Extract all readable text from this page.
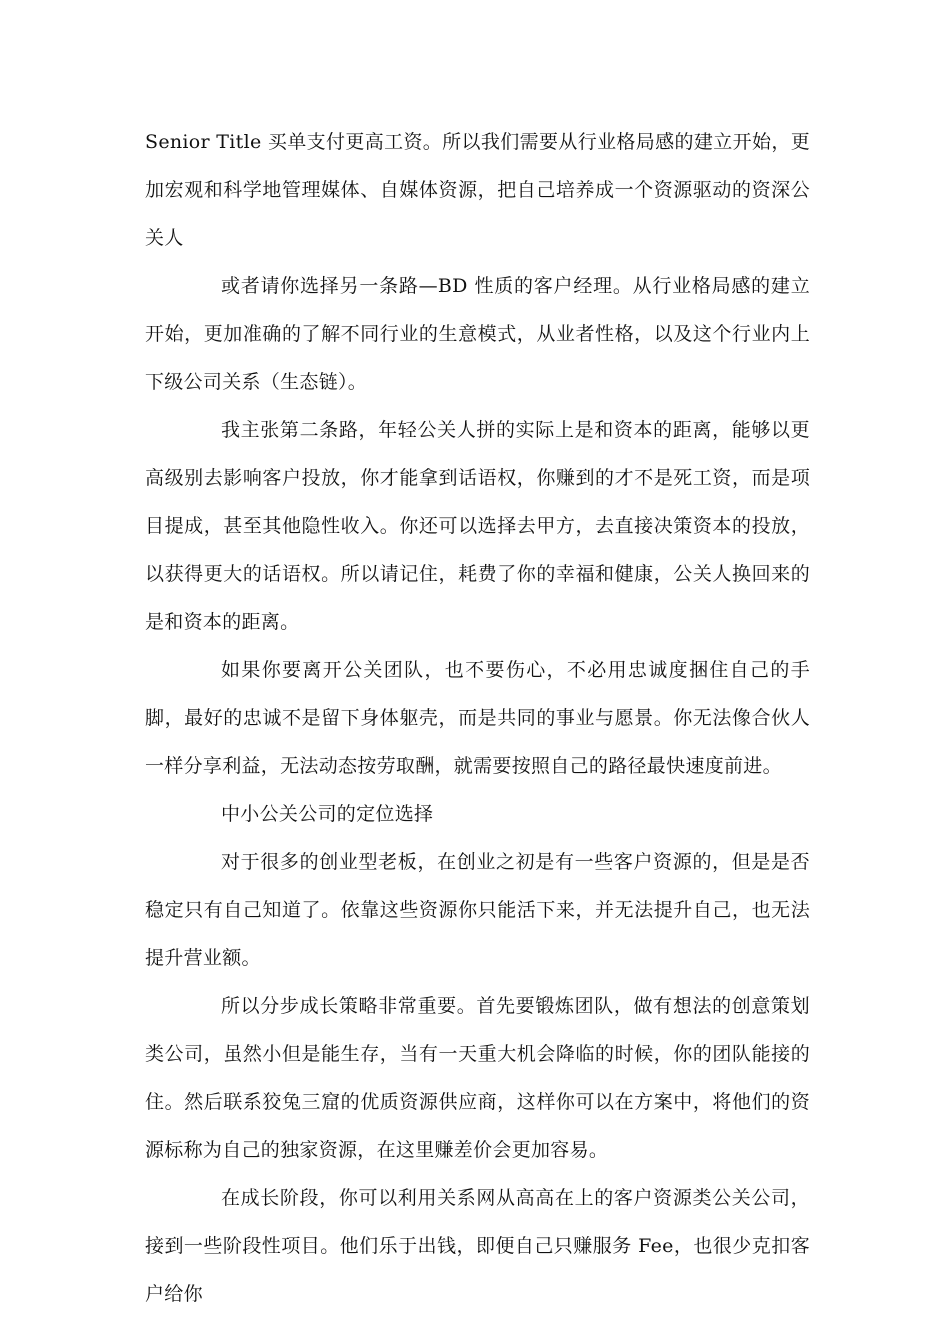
Senior Title 买单支付更高工资。所以我们需要从行业格局感的建立开始，更加宏观和科学地管理媒体、自媒体资源，把自己培养成一个资源驱动的资深公关人

或者请你选择另一条路—BD 性质的客户经理。从行业格局感的建立开始，更加准确的了解不同行业的生意模式，从业者性格，以及这个行业内上下级公司关系（生态链）。

我主张第二条路，年轻公关人拼的实际上是和资本的距离，能够以更高级别去影响客户投放，你才能拿到话语权，你赚到的才不是死工资，而是项目提成，甚至其他隐性收入。你还可以选择去甲方，去直接决策资本的投放，以获得更大的话语权。所以请记住，耗费了你的幸福和健康，公关人换回来的是和资本的距离。

如果你要离开公关团队，也不要伤心，不必用忠诚度捆住自己的手脚，最好的忠诚不是留下身体躯壳，而是共同的事业与愿景。你无法像合伙人一样分享利益，无法动态按劳取酬，就需要按照自己的路径最快速度前进。

中小公关公司的定位选择

对于很多的创业型老板，在创业之初是有一些客户资源的，但是是否稳定只有自己知道了。依靠这些资源你只能活下来，并无法提升自己，也无法提升营业额。

所以分步成长策略非常重要。首先要锻炼团队，做有想法的创意策划类公司，虽然小但是能生存，当有一天重大机会降临的时候，你的团队能接的住。然后联系狡兔三窟的优质资源供应商，这样你可以在方案中，将他们的资源标称为自己的独家资源，在这里赚差价会更加容易。

在成长阶段，你可以利用关系网从高高在上的客户资源类公关公司，接到一些阶段性项目。他们乐于出钱，即便自己只赚服务 Fee，也很少克扣客户给你
